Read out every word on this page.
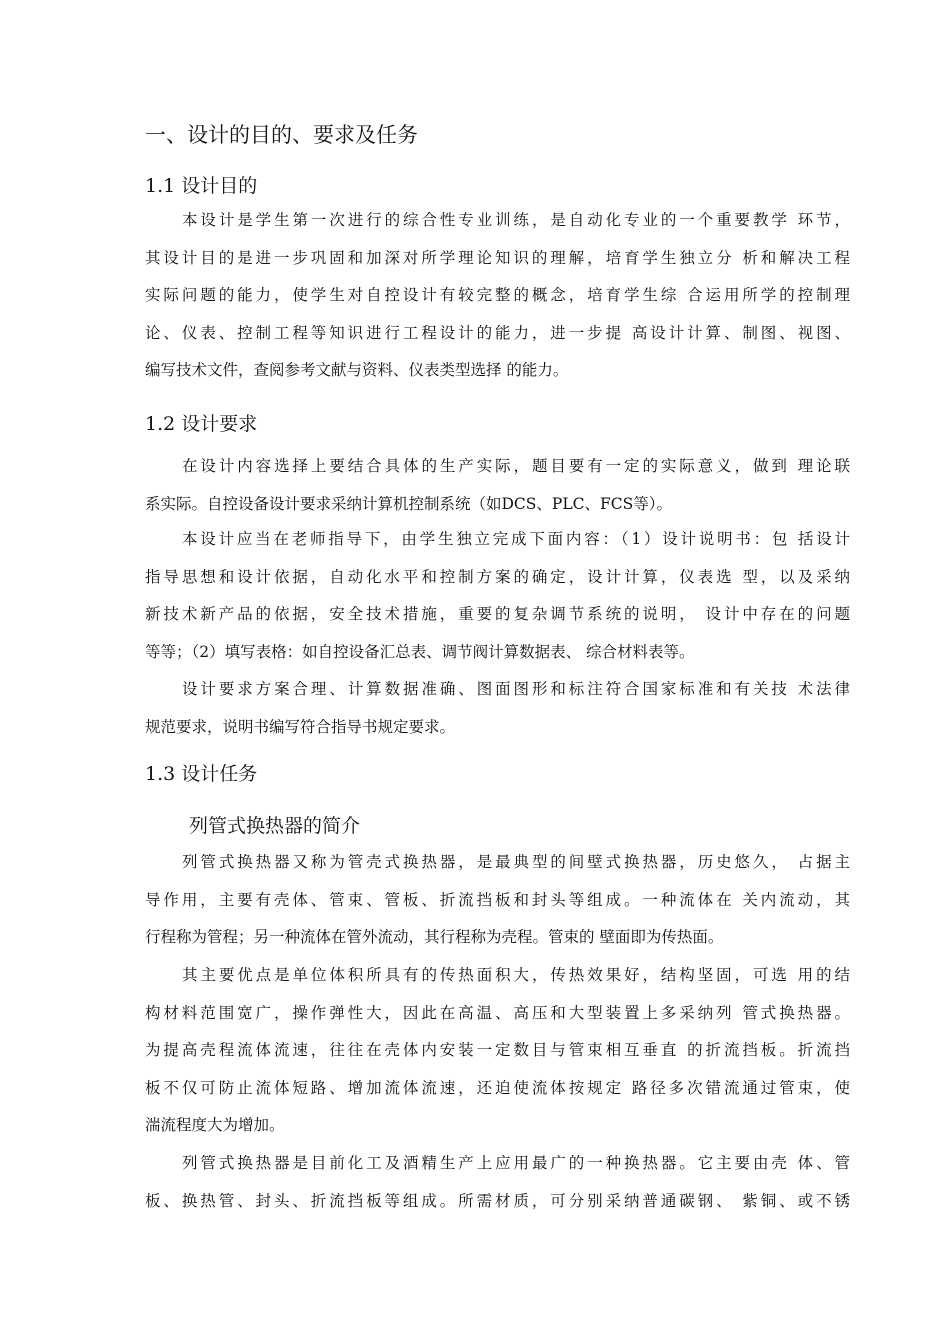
一、设计的目的、要求及任务
1.1 设计目的
本设计是学生第一次进行的综合性专业训练，是自动化专业的一个重要教学 环节，
其设计目的是进一步巩固和加深对所学理论知识的理解，培育学生独立分 析和解决工程
实际问题的能力，使学生对自控设计有较完整的概念，培育学生综 合运用所学的控制理
论、仪表、控制工程等知识进行工程设计的能力，进一步提 高设计计算、制图、视图、
编写技术文件，查阅参考文献与资料、仪表类型选择 的能力。
1.2 设计要求
在设计内容选择上要结合具体的生产实际，题目要有一定的实际意义，做到 理论联
系实际。自控设备设计要求采纳计算机控制系统（如DCS、PLC、FCS等）。
本设计应当在老师指导下，由学生独立完成下面内容：（1）设计说明书：包 括设计
指导思想和设计依据，自动化水平和控制方案的确定，设计计算，仪表选 型，以及采纳
新技术新产品的依据，安全技术措施，重要的复杂调节系统的说明， 设计中存在的问题
等等；（2）填写表格：如自控设备汇总表、调节阀计算数据表、 综合材料表等。
设计要求方案合理、计算数据准确、图面图形和标注符合国家标准和有关技 术法律
规范要求，说明书编写符合指导书规定要求。
1.3 设计任务
列管式换热器的简介
列管式换热器又称为管壳式换热器，是最典型的间壁式换热器，历史悠久， 占据主
导作用，主要有壳体、管束、管板、折流挡板和封头等组成。一种流体在 关内流动，其
行程称为管程；另一种流体在管外流动，其行程称为壳程。管束的 壁面即为传热面。
其主要优点是单位体积所具有的传热面积大，传热效果好，结构坚固，可选 用的结
构材料范围宽广，操作弹性大，因此在高温、高压和大型装置上多采纳列 管式换热器。
为提高壳程流体流速，往往在壳体内安装一定数目与管束相互垂直 的折流挡板。折流挡
板不仅可防止流体短路、增加流体流速，还迫使流体按规定 路径多次错流通过管束，使
湍流程度大为增加。
列管式换热器是目前化工及酒精生产上应用最广的一种换热器。它主要由壳 体、管
板、换热管、封头、折流挡板等组成。所需材质，可分别采纳普通碳钢、 紫铜、或不锈
